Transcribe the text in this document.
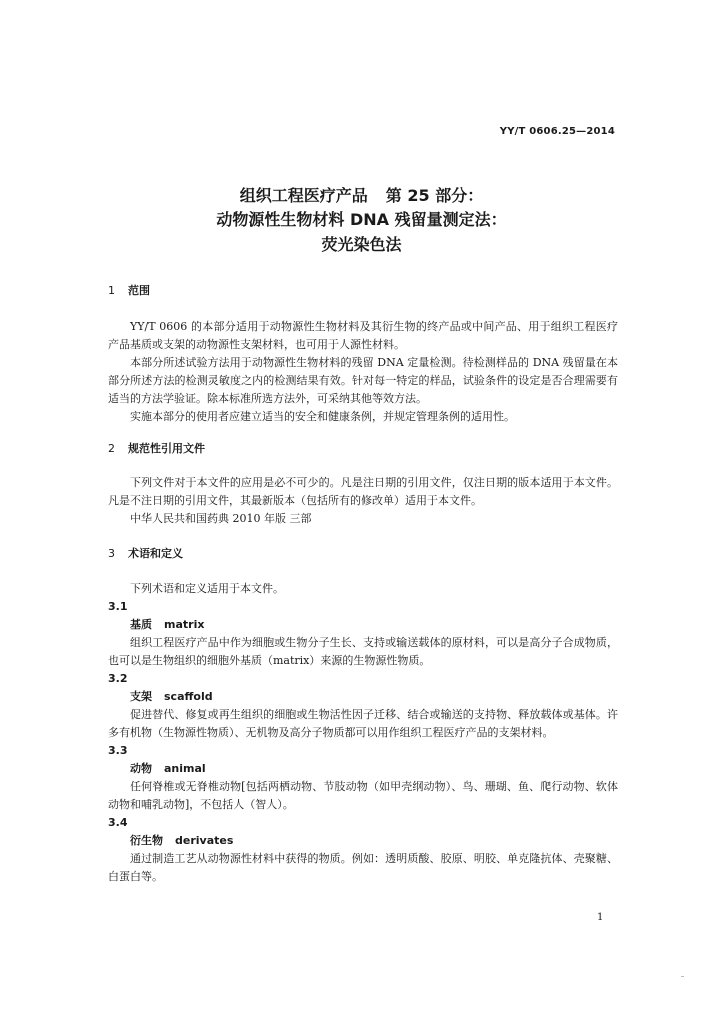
YY/T 0606.25—2014
组织工程医疗产品 第 25 部分：
动物源性生物材料 DNA 残留量测定法：
荧光染色法
1 范围

YY/T 0606 的本部分适用于动物源性生物材料及其衍生物的终产品或中间产品、用于组织工程医疗产品基质或支架的动物源性支架材料，也可用于人源性材料。

本部分所述试验方法用于动物源性生物材料的残留 DNA 定量检测。待检测样品的 DNA 残留量在本部分所述方法的检测灵敏度之内的检测结果有效。针对每一特定的样品，试验条件的设定是否合理需要有适当的方法学验证。除本标准所选方法外，可采纳其他等效方法。

实施本部分的使用者应建立适当的安全和健康条例，并规定管理条例的适用性。

2 规范性引用文件

下列文件对于本文件的应用是必不可少的。凡是注日期的引用文件，仅注日期的版本适用于本文件。凡是不注日期的引用文件，其最新版本（包括所有的修改单）适用于本文件。

中华人民共和国药典 2010 年版 三部

3 术语和定义

下列术语和定义适用于本文件。

3.1
基质 matrix

组织工程医疗产品中作为细胞或生物分子生长、支持或输送载体的原材料，可以是高分子合成物质，也可以是生物组织的细胞外基质（matrix）来源的生物源性物质。

3.2
支架 scaffold

促进替代、修复或再生组织的细胞或生物活性因子迁移、结合或输送的支持物、释放载体或基体。许多有机物（生物源性物质）、无机物及高分子物质都可以用作组织工程医疗产品的支架材料。

3.3
动物 animal

任何脊椎或无脊椎动物[包括两栖动物、节肢动物（如甲壳纲动物）、鸟、珊瑚、鱼、爬行动物、软体动物和哺乳动物]，不包括人（智人）。

3.4
衍生物 derivates

通过制造工艺从动物源性材料中获得的物质。例如：透明质酸、胶原、明胶、单克隆抗体、壳聚糖、白蛋白等。

1
